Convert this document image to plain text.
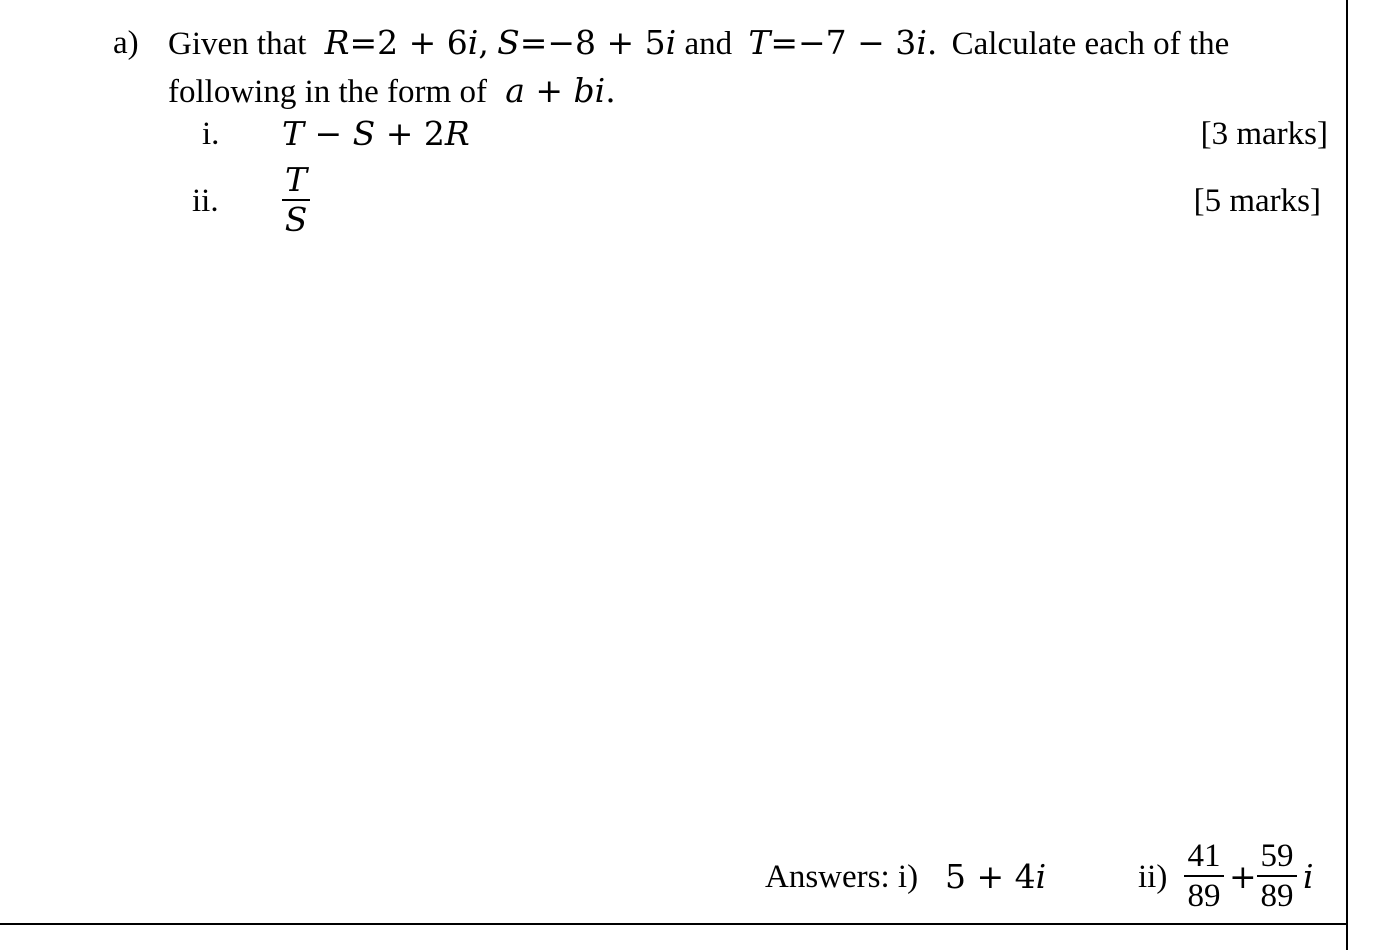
a) Given that R=2 + 6i, S=−8 + 5i and T=−7 − 3i. Calculate each of the
following in the form of a + bi.
i. T − S + 2R	[3 marks]
ii.
T
S	[5 marks]
Answers: i) 5 + 4i	ii)
41
89 +
59
89 i
